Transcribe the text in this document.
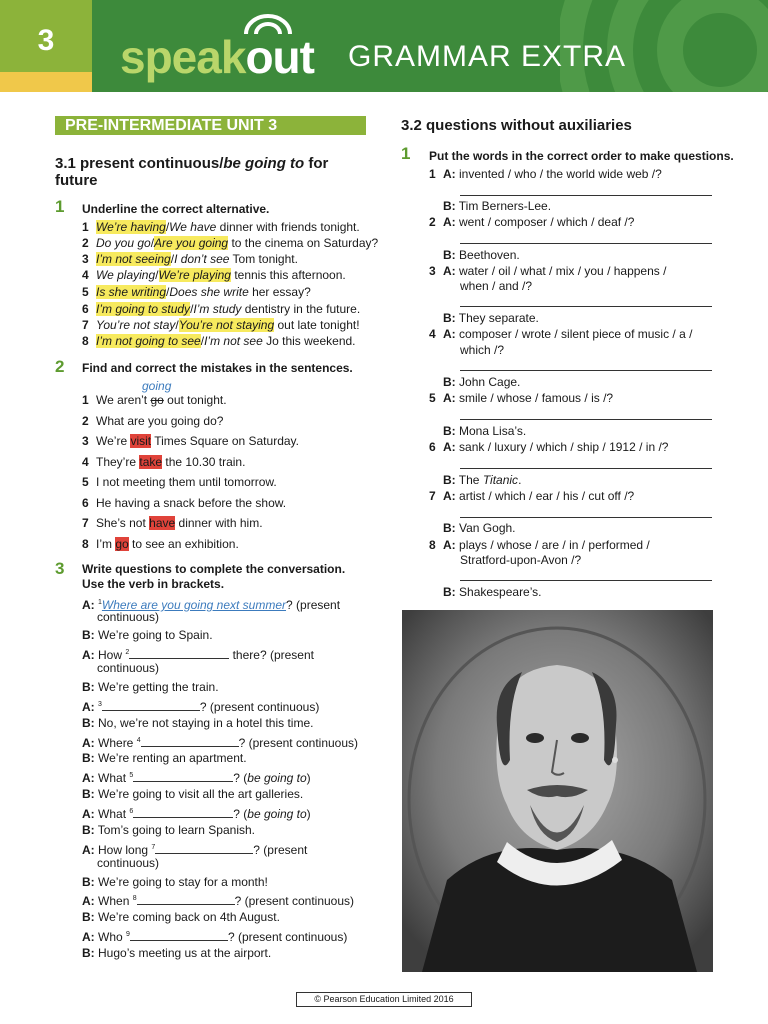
3	speakout GRAMMAR EXTRA
PRE-INTERMEDIATE UNIT 3
3.1 present continuous/be going to for
future
1 Underline the correct alternative.
1 We’re having/We have dinner with friends tonight.
2 Do you go/Are you going to the cinema on Saturday?
3 I’m not seeing/I don’t see Tom tonight.
4 We playing/We’re playing tennis this afternoon.
5 Is she writing/Does she write her essay?
6 I’m going to study/I’m study dentistry in the future.
7 You’re not stay/You’re not staying out late tonight!
8 I’m not going to see/I’m not see Jo this weekend.
2 Find and correct the mistakes in the sentences.
going
1 We aren’t go out tonight.
2 What are you going do?
3 We’re visit Times Square on Saturday.
4 They’re take the 10.30 train.
5 I not meeting them until tomorrow.
6 He having a snack before the show.
7 She’s not have dinner with him.
8 I’m go to see an exhibition.
3 Write questions to complete the conversation.
Use the verb in brackets.
A: $^1$Where are you going next summer? (present
continuous)
B: We’re going to Spain.
A: How $^2$	there? (present
continuous)
B: We’re getting the train.
A: $^3$	? (present continuous)
B: No, we’re not staying in a hotel this time.
A: Where $^4$	? (present continuous)
B: We’re renting an apartment.
A: What $^5$	? (be going to)
B: We’re going to visit all the art galleries.
A: What $^6$	? (be going to)
B: Tom’s going to learn Spanish.
A: How long $^7$	? (present
continuous)
B: We’re going to stay for a month!
A: When $^8$	? (present continuous)
B: We’re coming back on 4th August.
A: Who $^9$	? (present continuous)
B: Hugo’s meeting us at the airport.
3.2 questions without auxiliaries
1 Put the words in the correct order to make questions.
1 A: invented / who / the world wide web /?
B: Tim Berners-Lee.
2 A: went / composer / which / deaf /?
B: Beethoven.
3 A: water / oil / what / mix / you / happens /
when / and /?
B: They separate.
4 A: composer / wrote / silent piece of music / a /
which /?
B: John Cage.
5 A: smile / whose / famous / is /?
B: Mona Lisa’s.
6 A: sank / luxury / which / ship / 1912 / in /?
B: The Titanic.
7 A: artist / which / ear / his / cut off /?
B: Van Gogh.
8 A: plays / whose / are / in / performed /
Stratford-upon-Avon /?
B: Shakespeare’s.
© Pearson Education Limited 2016
